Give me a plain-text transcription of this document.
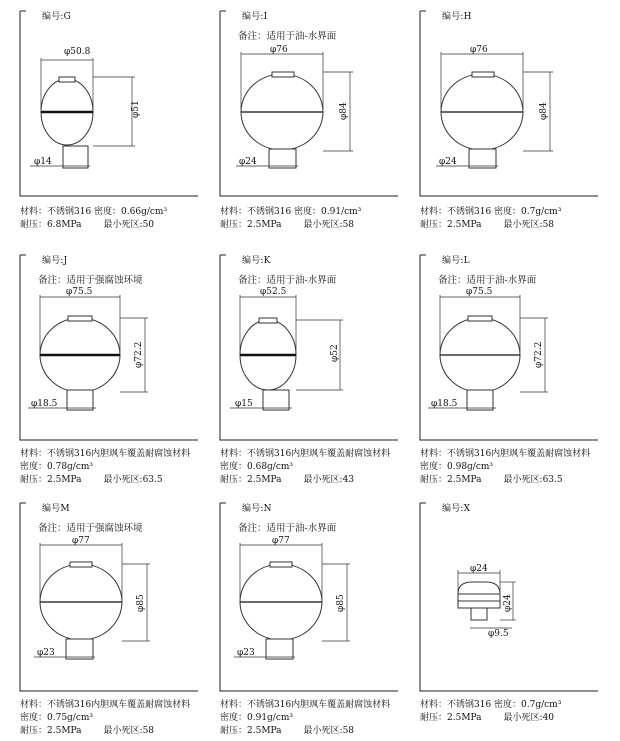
φ50.8
φ51
φ14
编号:G
材料：不锈钢316 密度：0.66g/cm³
耐压：6.8MPa 最小死区:50
φ76
φ84
φ24
编号:I
备注：适用于油-水界面
材料：不锈钢316 密度：0.91/cm³
耐压：2.5MPa 最小死区:58
φ76
φ84
φ24
编号:H
材料：不锈钢316 密度：0.7g/cm³
耐压：2.5MPa 最小死区:58
φ75.5
φ72.2
φ18.5
编号:J
备注：适用于强腐蚀环境
材料：不锈钢316内胆飒车覆盖耐腐蚀材料
密度：0.78g/cm³
耐压：2.5MPa 最小死区:63.5
φ52.5
φ52
φ15
编号:K
备注：适用于油-水界面
材料：不锈钢316内胆飒车覆盖耐腐蚀材料
密度：0.68g/cm³
耐压：2.5MPa 最小死区:43
φ75.5
φ72.2
φ18.5
编号:L
备注：适用于油-水界面
材料：不锈钢316内胆飒车覆盖耐腐蚀材料
密度：0.98g/cm³
耐压：2.5MPa 最小死区:63.5
φ77
φ85
φ23
编号M
备注：适用于强腐蚀环境
材料：不锈钢316内胆飒车覆盖耐腐蚀材料
密度：0.75g/cm³
耐压：2.5MPa 最小死区:58
φ77
φ85
φ23
编号:N
备注：适用于油-水界面
材料：不锈钢316内胆飒车覆盖耐腐蚀材料
密度：0.91g/cm³
耐压：2.5MPa 最小死区:58
φ24
φ24
φ9.5
编号:X
材料：不锈钢316 密度：0.7g/cm³
耐压：2.5MPa 最小死区:40
